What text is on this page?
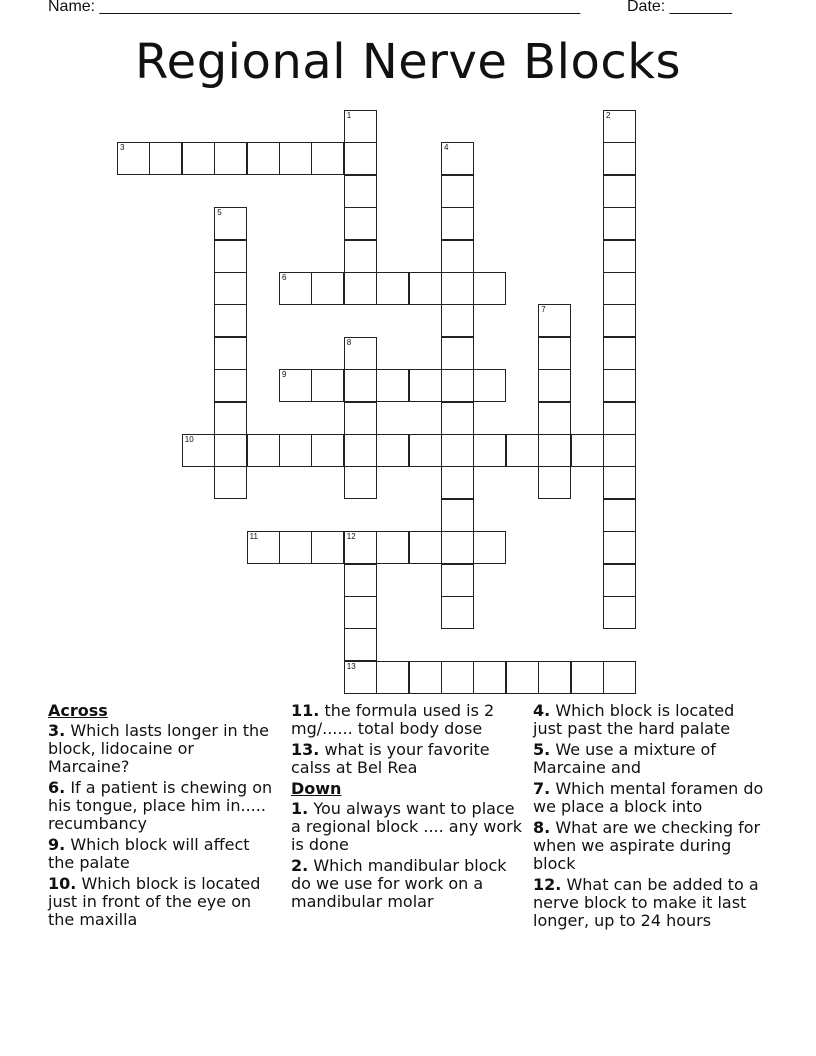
Name: ______________________________________________________	Date: _______
Regional Nerve Blocks
1	2
3	4
5
6
7
8
9
10
11	12
13
Across
3. Which lasts longer in the block, lidocaine or Marcaine?
6. If a patient is chewing on his tongue, place him in..... recumbancy
9. Which block will affect the palate
10. Which block is located just in front of the eye on the maxilla
11. the formula used is 2 mg/...... total body dose
13. what is your favorite calss at Bel Rea
Down
1. You always want to place a regional block .... any work is done
2. Which mandibular block do we use for work on a mandibular molar
4. Which block is located just past the hard palate
5. We use a mixture of Marcaine and
7. Which mental foramen do we place a block into
8. What are we checking for when we aspirate during block
12. What can be added to a nerve block to make it last longer, up to 24 hours
